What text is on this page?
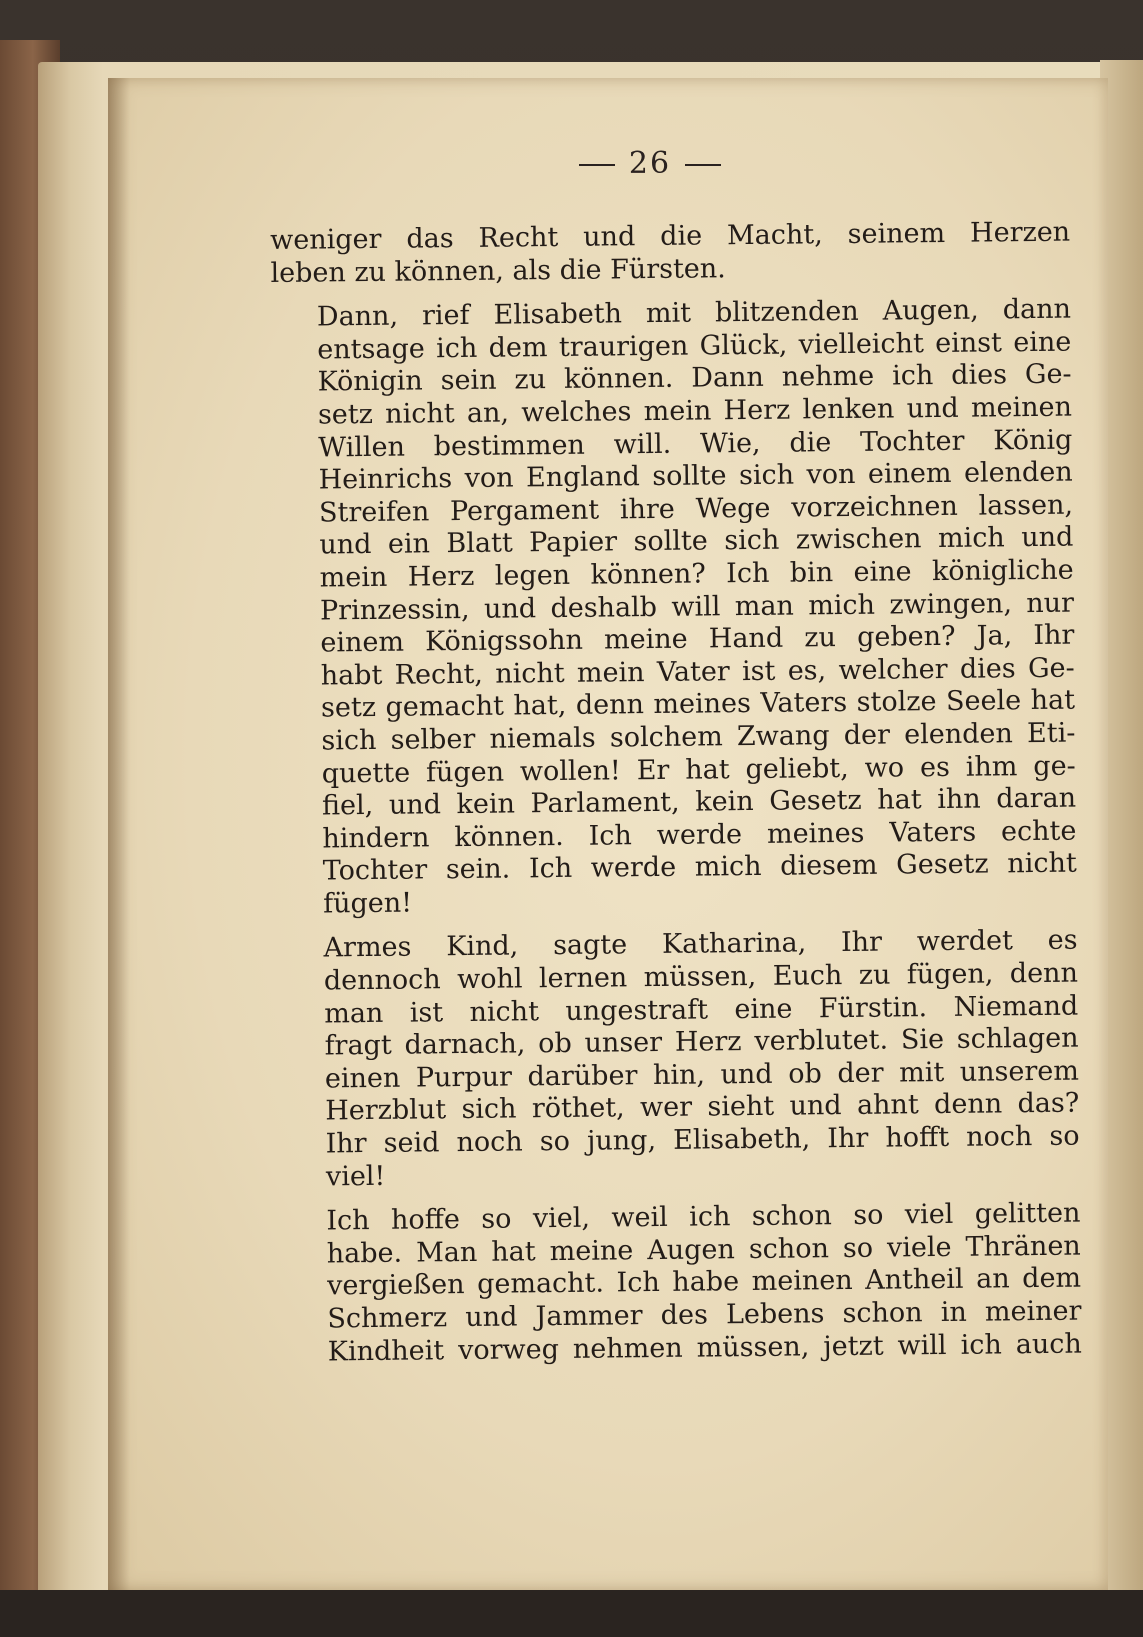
26

weniger das Recht und die Macht, seinem Herzen
leben zu können, als die Fürsten.

Dann, rief Elisabeth mit blitzenden Augen, dann
entsage ich dem traurigen Glück, vielleicht einst eine
Königin sein zu können. Dann nehme ich dies Ge-
setz nicht an, welches mein Herz lenken und meinen
Willen bestimmen will. Wie, die Tochter König
Heinrichs von England sollte sich von einem elenden
Streifen Pergament ihre Wege vorzeichnen lassen,
und ein Blatt Papier sollte sich zwischen mich und
mein Herz legen können? Ich bin eine königliche
Prinzessin, und deshalb will man mich zwingen, nur
einem Königssohn meine Hand zu geben? Ja, Ihr
habt Recht, nicht mein Vater ist es, welcher dies Ge-
setz gemacht hat, denn meines Vaters stolze Seele hat
sich selber niemals solchem Zwang der elenden Eti-
quette fügen wollen! Er hat geliebt, wo es ihm ge-
fiel, und kein Parlament, kein Gesetz hat ihn daran
hindern können. Ich werde meines Vaters echte
Tochter sein. Ich werde mich diesem Gesetz nicht
fügen!

Armes Kind, sagte Katharina, Ihr werdet es
dennoch wohl lernen müssen, Euch zu fügen, denn
man ist nicht ungestraft eine Fürstin. Niemand
fragt darnach, ob unser Herz verblutet. Sie schlagen
einen Purpur darüber hin, und ob der mit unserem
Herzblut sich röthet, wer sieht und ahnt denn das?
Ihr seid noch so jung, Elisabeth, Ihr hofft noch so
viel!

Ich hoffe so viel, weil ich schon so viel gelitten
habe. Man hat meine Augen schon so viele Thränen
vergießen gemacht. Ich habe meinen Antheil an dem
Schmerz und Jammer des Lebens schon in meiner
Kindheit vorweg nehmen müssen, jetzt will ich auch
